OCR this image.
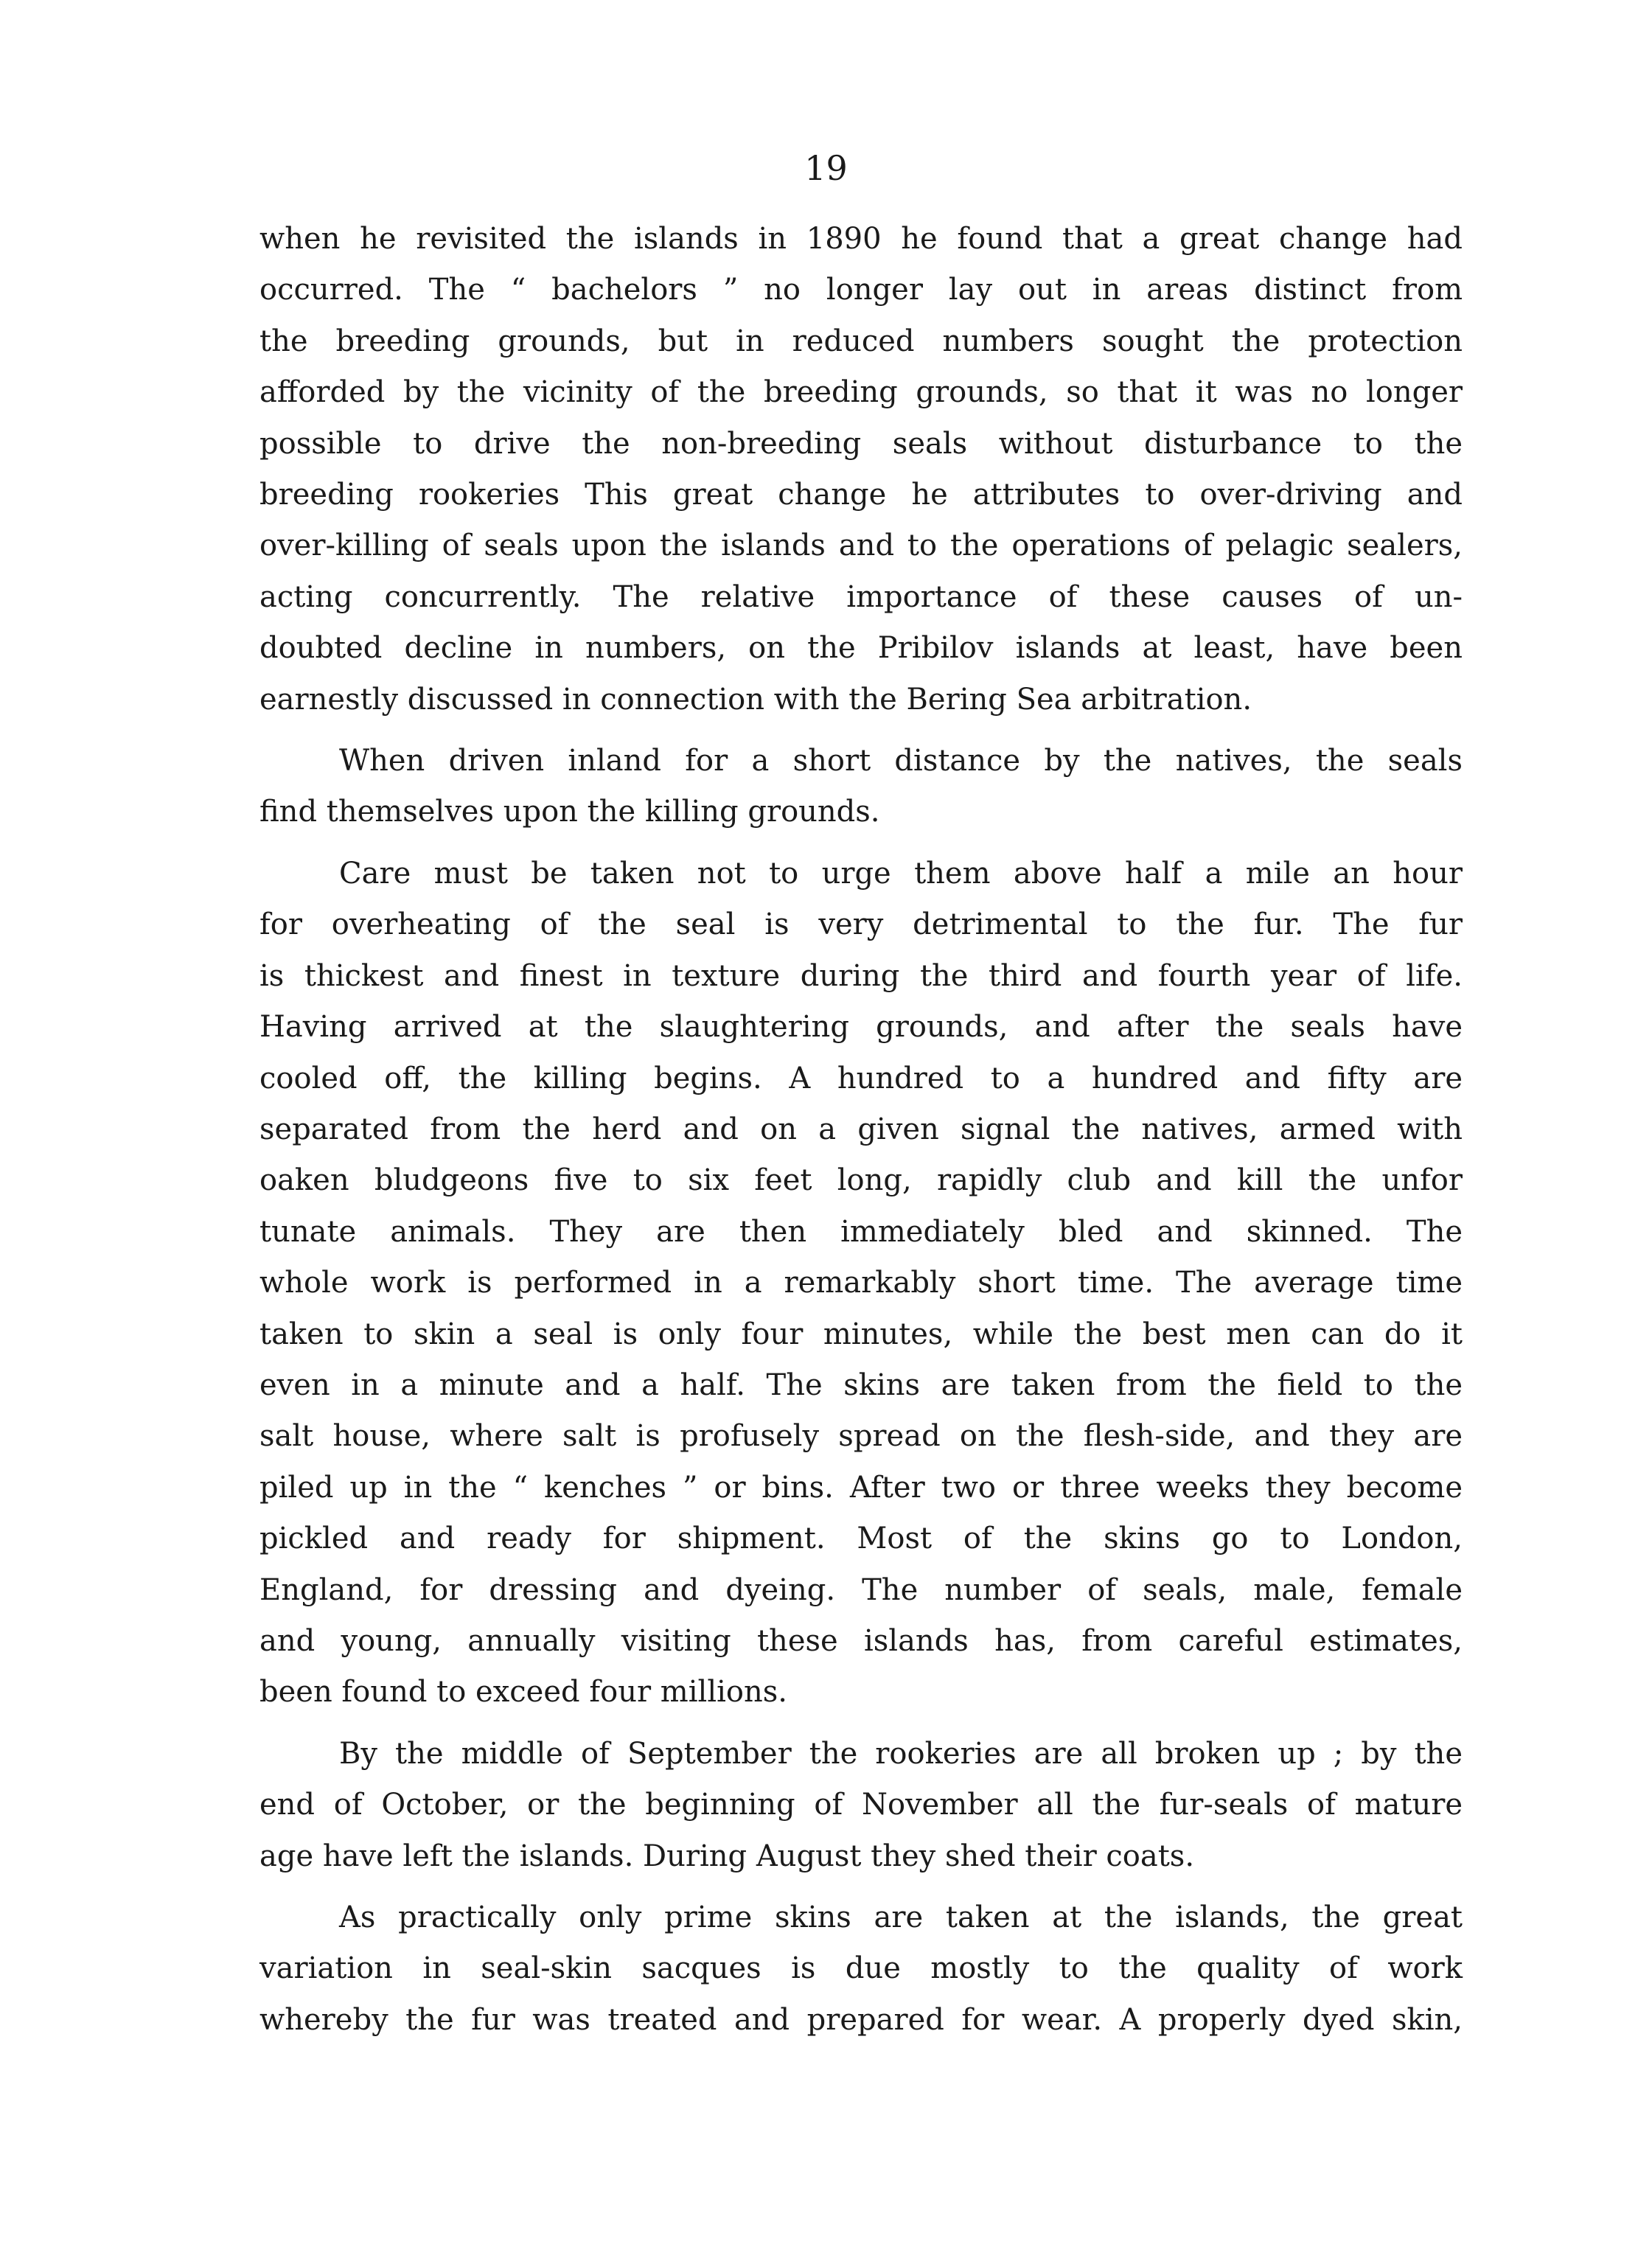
19

when he revisited the islands in 1890 he found that a great change had
occurred. The “ bachelors ” no longer lay out in areas distinct from
the breeding grounds, but in reduced numbers sought the protection
afforded by the vicinity of the breeding grounds, so that it was no longer
possible to drive the non-breeding seals without disturbance to the
breeding rookeries This great change he attributes to over-driving and
over-killing of seals upon the islands and to the operations of pelagic sealers,
acting concurrently. The relative importance of these causes of un-
doubted decline in numbers, on the Pribilov islands at least, have been
earnestly discussed in connection with the Bering Sea arbitration.

When driven inland for a short distance by the natives, the seals
find themselves upon the killing grounds.

Care must be taken not to urge them above half a mile an hour
for overheating of the seal is very detrimental to the fur. The fur
is thickest and finest in texture during the third and fourth year of life.
Having arrived at the slaughtering grounds, and after the seals have
cooled off, the killing begins. A hundred to a hundred and fifty are
separated from the herd and on a given signal the natives, armed with
oaken bludgeons five to six feet long, rapidly club and kill the unfor
tunate animals. They are then immediately bled and skinned. The
whole work is performed in a remarkably short time. The average time
taken to skin a seal is only four minutes, while the best men can do it
even in a minute and a half. The skins are taken from the field to the
salt house, where salt is profusely spread on the flesh-side, and they are
piled up in the “ kenches ” or bins. After two or three weeks they become
pickled and ready for shipment. Most of the skins go to London,
England, for dressing and dyeing. The number of seals, male, female
and young, annually visiting these islands has, from careful estimates,
been found to exceed four millions.

By the middle of September the rookeries are all broken up ; by the
end of October, or the beginning of November all the fur-seals of mature
age have left the islands. During August they shed their coats.

As practically only prime skins are taken at the islands, the great
variation in seal-skin sacques is due mostly to the quality of work
whereby the fur was treated and prepared for wear. A properly dyed skin,
